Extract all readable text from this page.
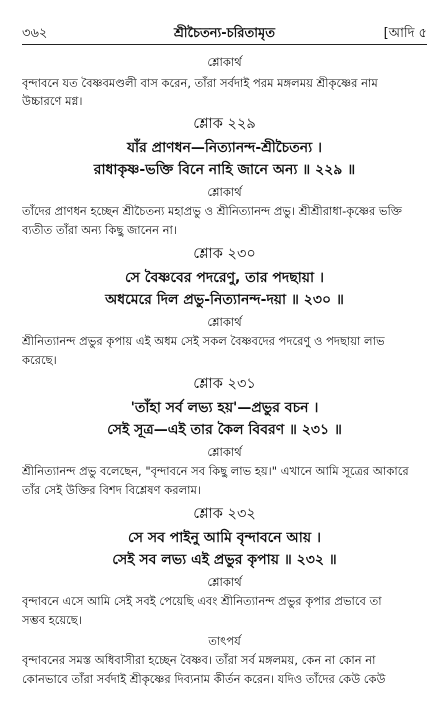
৩৬২	শ্রীচৈতন্য-চরিতামৃত	[আদি ৫
শ্লোকার্থ
বৃন্দাবনে যত বৈষ্ণবমণ্ডলী বাস করেন, তাঁরা সর্বদাই পরম মঙ্গলময় শ্রীকৃষ্ণের নাম
উচ্চারণে মগ্ন।
শ্লোক ২২৯
যাঁর প্রাণধন—নিত্যানন্দ-শ্রীচৈতন্য ।
রাধাকৃষ্ণ-ভক্তি বিনে নাহি জানে অন্য ॥ ২২৯ ॥
শ্লোকার্থ
তাঁদের প্রাণধন হচ্ছেন শ্রীচৈতন্য মহাপ্রভু ও শ্রীনিত্যানন্দ প্রভু। শ্রীশ্রীরাধা-কৃষ্ণের ভক্তি
ব্যতীত তাঁরা অন্য কিছু জানেন না।
শ্লোক ২৩০
সে বৈষ্ণবের পদরেণু, তার পদছায়া ।
অধমেরে দিল প্রভু-নিত্যানন্দ-দয়া ॥ ২৩০ ॥
শ্লোকার্থ
শ্রীনিত্যানন্দ প্রভুর কৃপায় এই অধম সেই সকল বৈষ্ণবদের পদরেণু ও পদছায়া লাভ
করেছে।
শ্লোক ২৩১
'তাঁহা সর্ব লভ্য হয়'—প্রভুর বচন ।
সেই সূত্র—এই তার কৈল বিবরণ ॥ ২৩১ ॥
শ্লোকার্থ
শ্রীনিত্যানন্দ প্রভু বলেছেন, "বৃন্দাবনে সব কিছু লাভ হয়।" এখানে আমি সূত্রের আকারে
তাঁর সেই উক্তির বিশদ বিশ্লেষণ করলাম।
শ্লোক ২৩২
সে সব পাইনু আমি বৃন্দাবনে আয় ।
সেই সব লভ্য এই প্রভুর কৃপায় ॥ ২৩২ ॥
শ্লোকার্থ
বৃন্দাবনে এসে আমি সেই সবই পেয়েছি এবং শ্রীনিত্যানন্দ প্রভুর কৃপার প্রভাবে তা
সম্ভব হয়েছে।
তাৎপর্য
বৃন্দাবনের সমস্ত অধিবাসীরা হচ্ছেন বৈষ্ণব। তাঁরা সর্ব মঙ্গলময়, কেন না কোন না
কোনভাবে তাঁরা সর্বদাই শ্রীকৃষ্ণের দিব্যনাম কীর্তন করেন। যদিও তাঁদের কেউ কেউ
